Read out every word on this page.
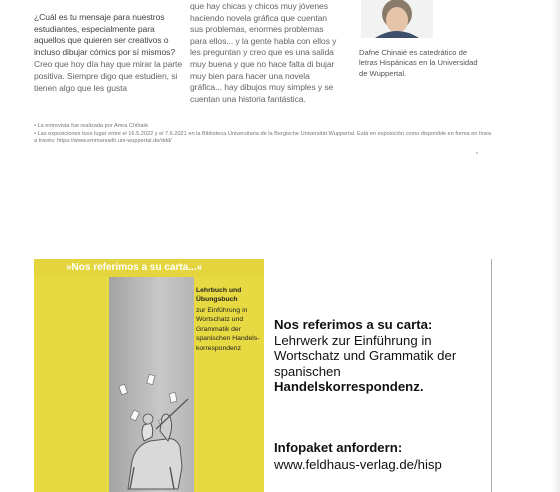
¿Cuál es tu mensaje para nuestros estudiantes, especialmente para aquellos que quieren ser creativos o incluso dibujar cómics por sí mismos?

Creo que hoy día hay que mirar la parte positiva. Siempre digo que estudien, si tienen algo que les gusta

que hay chicas y chicos muy jóvenes haciendo novela gráfica que cuentan sus problemas, enormes problemas para ellos... y la gente habla con ellos y les preguntan y creo que es una salida muy buena y que no hace falta di bujar muy bien para hacer una novela gráfica... hay dibujos muy simples y se cuentan una historia fantástica.

Dafne Chinaié es catedrático de letras Hispánicas en la Universidad de Wuppertal.

• La entrevista fue realizada por Amra Chihaié.

• Las exposiciones tuvo lugar entre el 16.5.2022 y el 7.6.2021 en la Biblioteca Universitaria de la Bergische Universität Wuppertal. Está en exposición como disponible en forma en línea a través: https://www.emmanuelh.uni-wuppertal.de/ddd/

»Nos referimos a su carta...«

Lehrbuch und Übungsbuch

zur Einführung in Wortschatz und Grammatik der spanischen Handels-korrespondenz

Nos referimos a su carta:
Lehrwerk zur Einführung in Wortschatz und Grammatik der spanischen
Handelskorrespondenz.
Infopaket anfordern:
www.feldhaus-verlag.de/hisp
